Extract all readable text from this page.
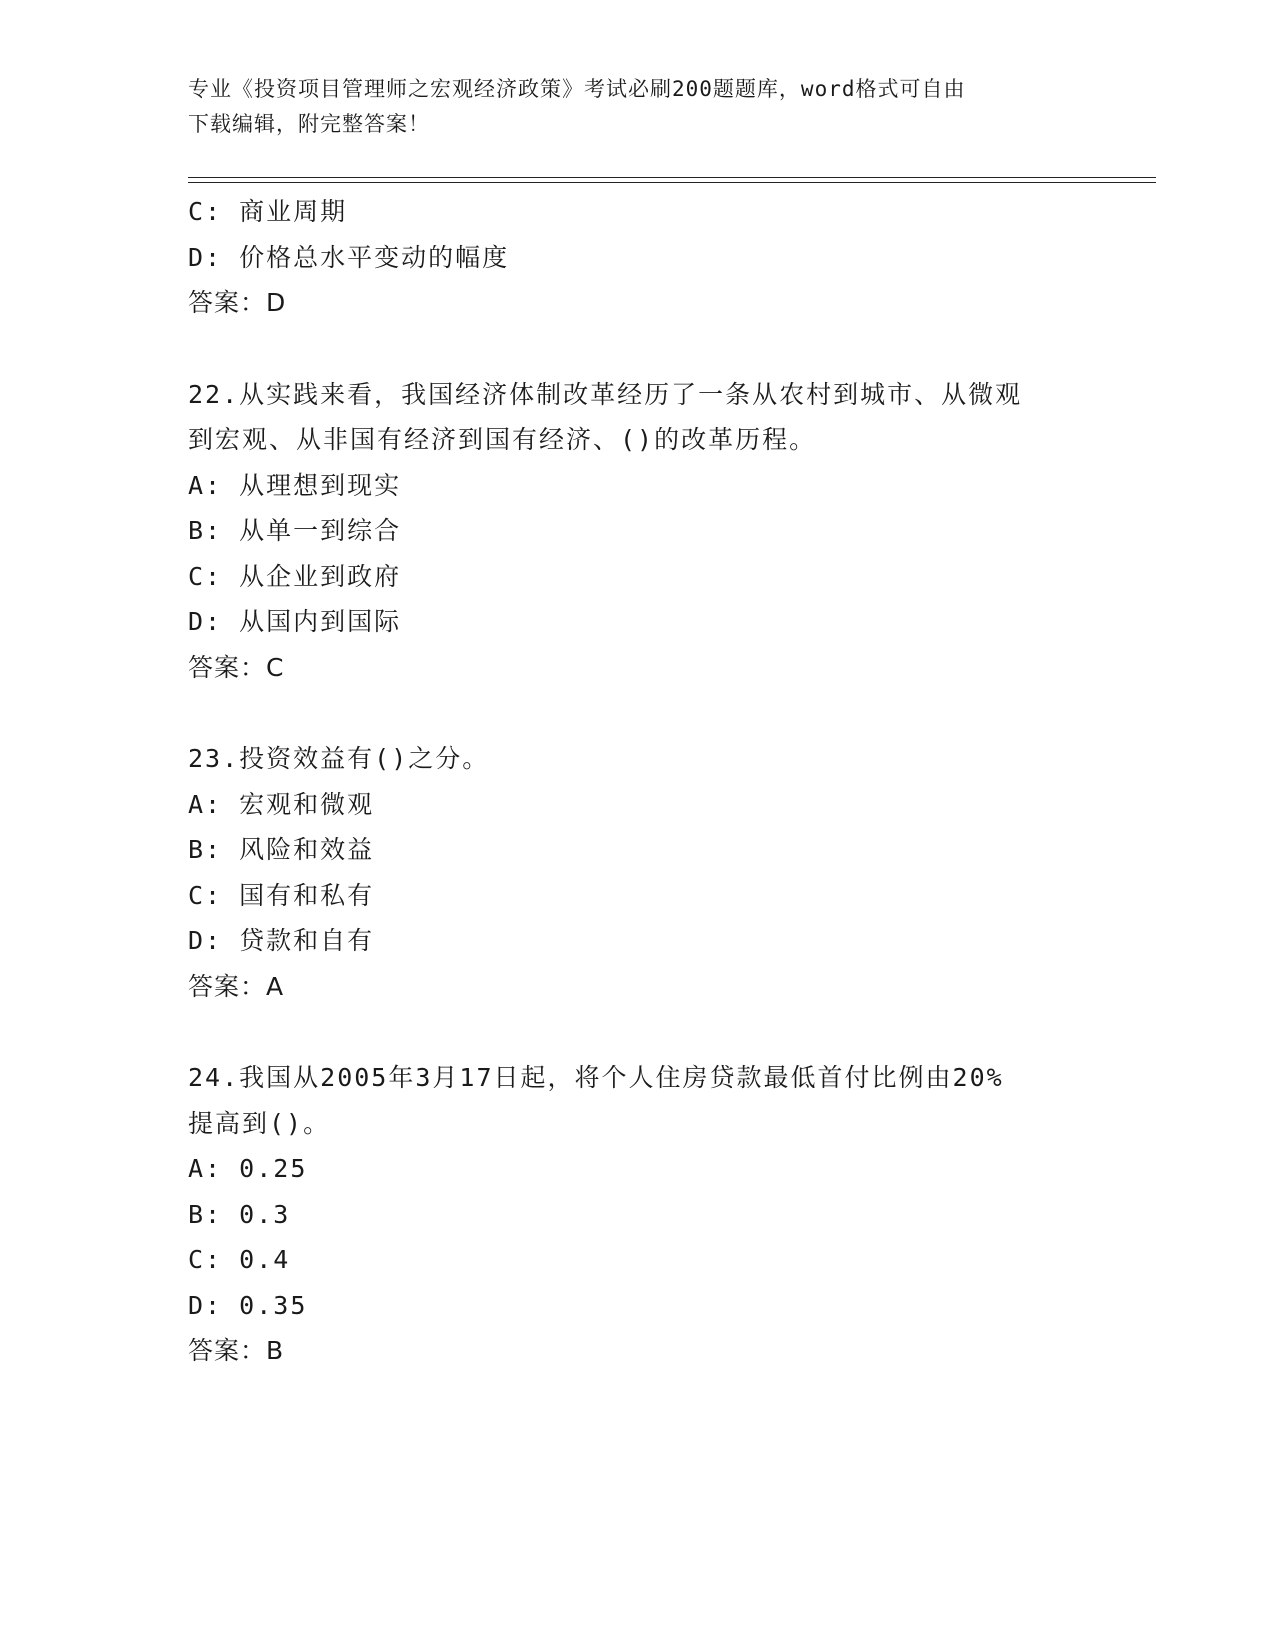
专业《投资项目管理师之宏观经济政策》考试必刷200题题库，word格式可自由
下载编辑，附完整答案！
C: 商业周期
D: 价格总水平变动的幅度
答案：D
22.从实践来看，我国经济体制改革经历了一条从农村到城市、从微观
到宏观、从非国有经济到国有经济、()的改革历程。
A: 从理想到现实
B: 从单一到综合
C: 从企业到政府
D: 从国内到国际
答案：C
23.投资效益有()之分。
A: 宏观和微观
B: 风险和效益
C: 国有和私有
D: 贷款和自有
答案：A
24.我国从2005年3月17日起，将个人住房贷款最低首付比例由20%
提高到()。
A: 0.25
B: 0.3
C: 0.4
D: 0.35
答案：B
